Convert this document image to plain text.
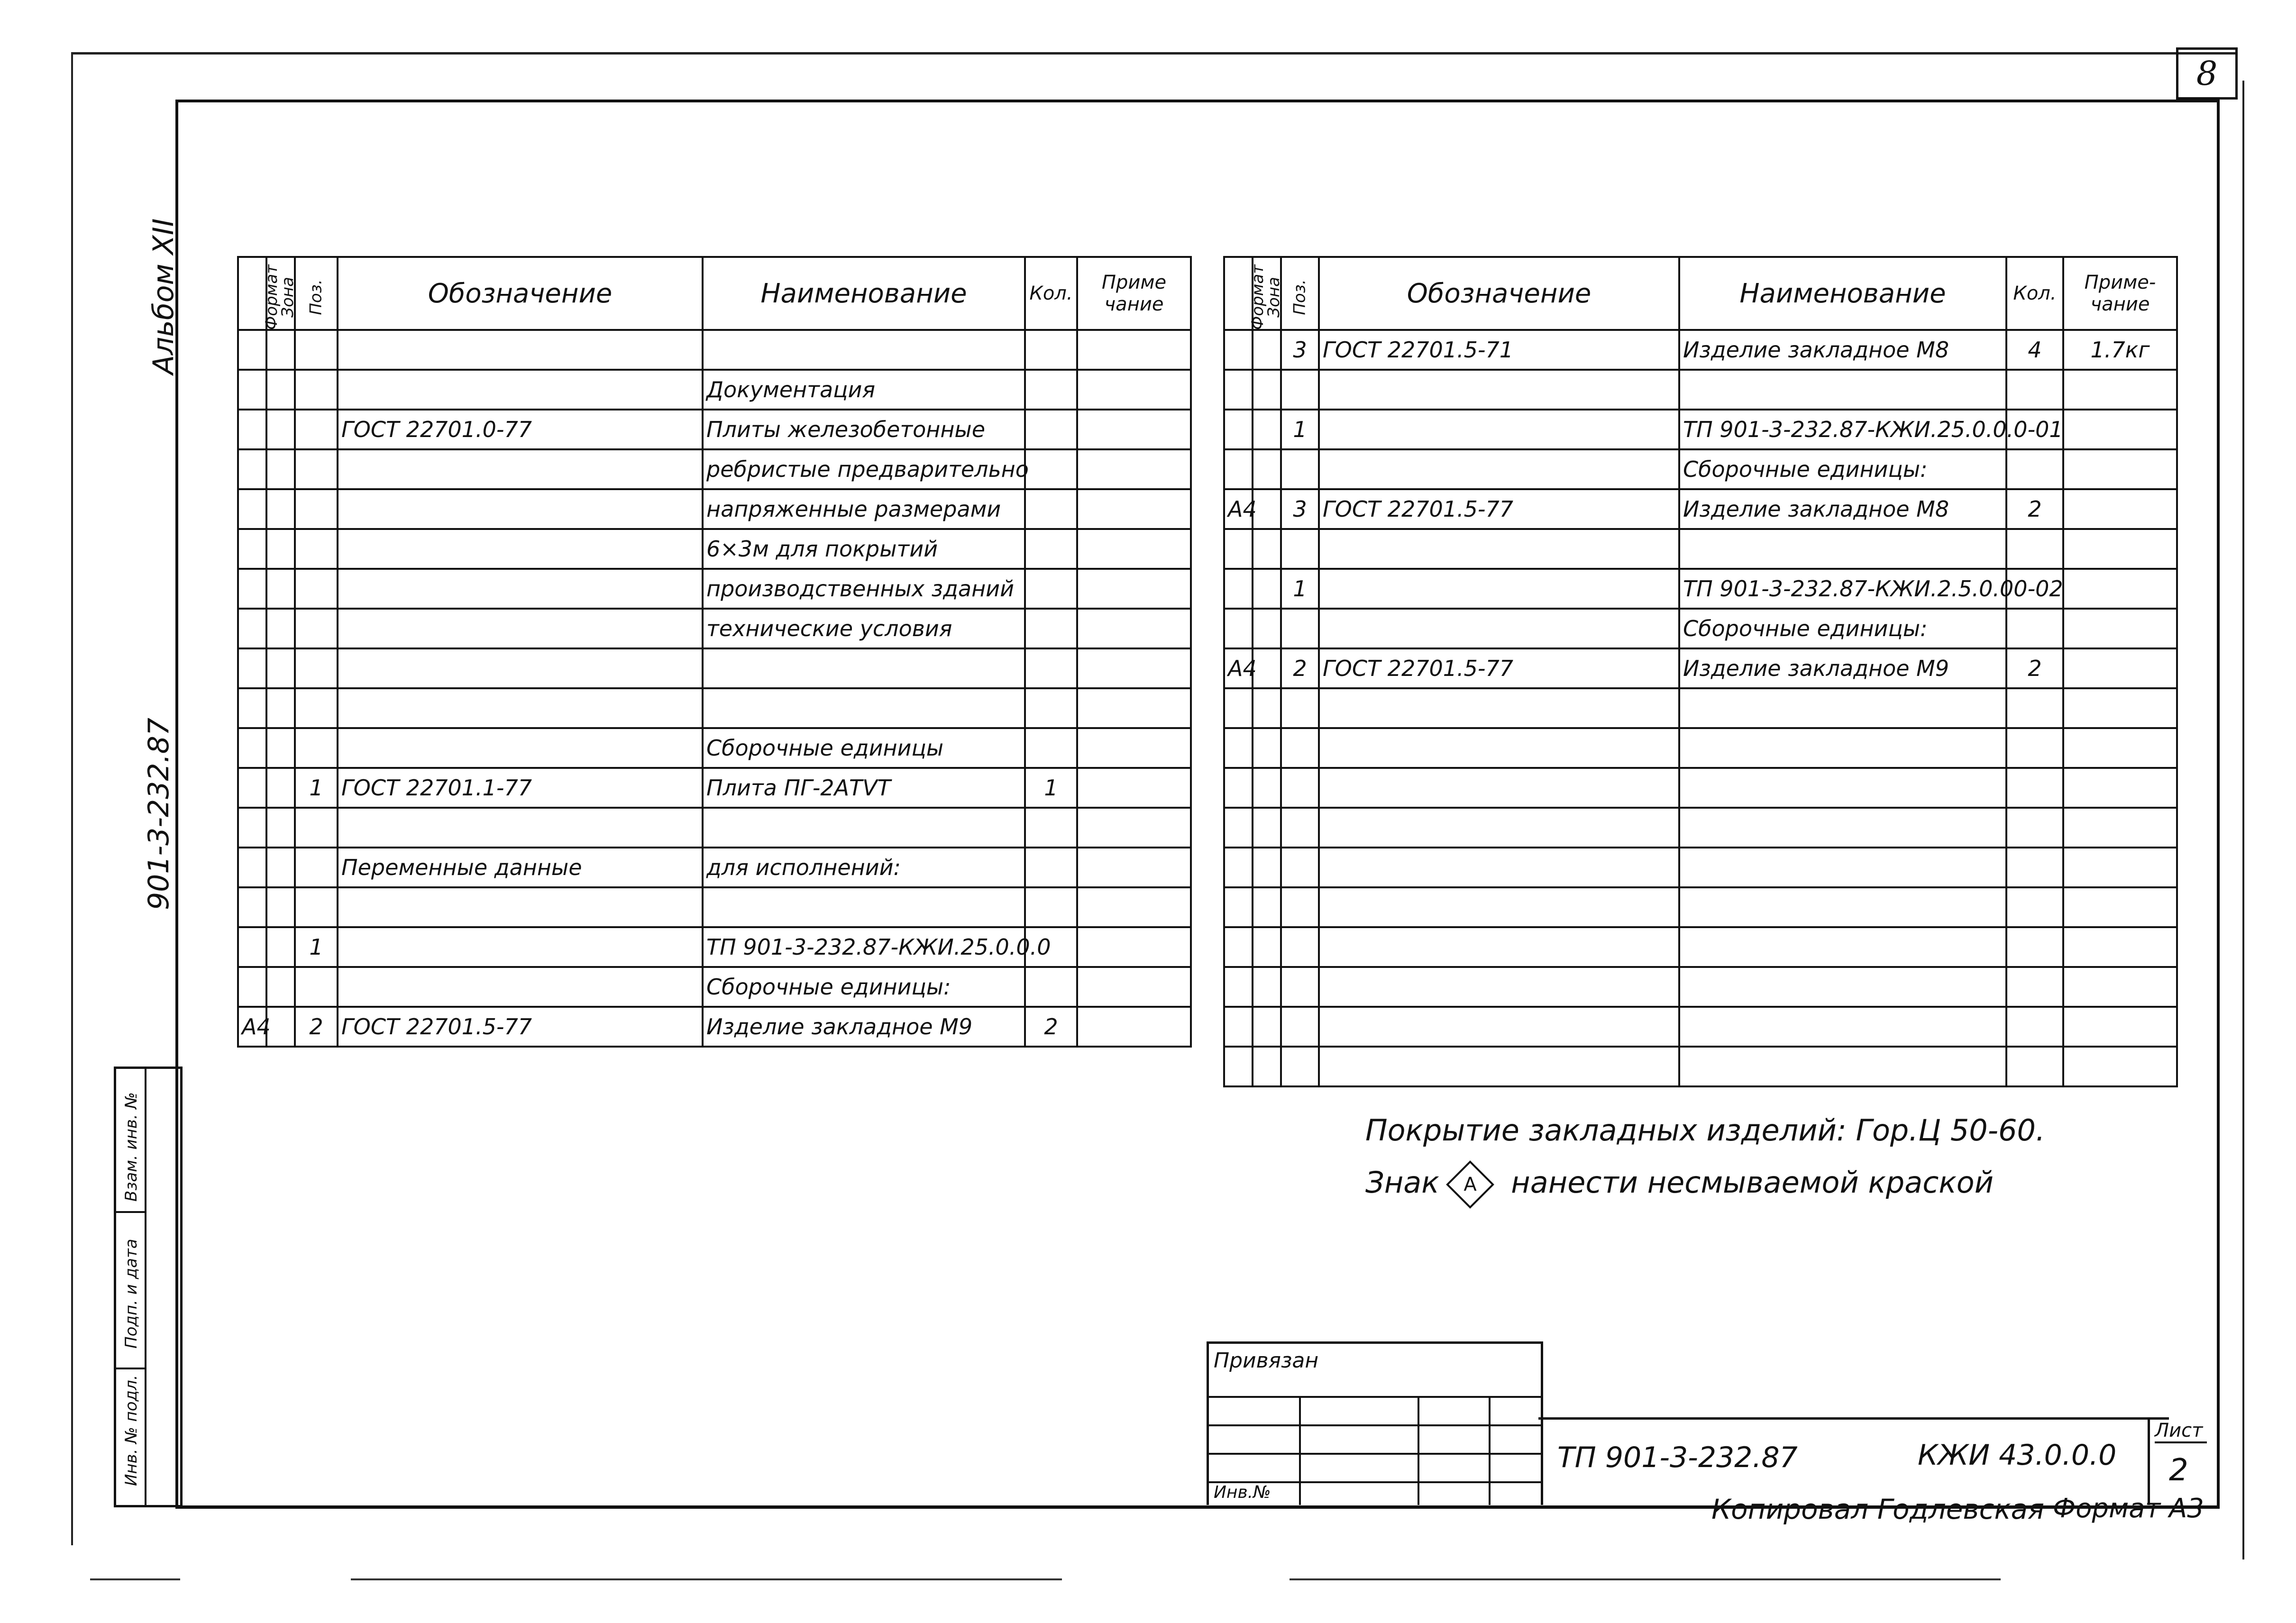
8
Альбом XII
901-3-232.87
Инв. № подл.
Подп. и дата
Взам. инв. №
Формат	Зона	Поз.	Обозначение	Наименование	Кол.	Приме
чание

				Документация		
			ГОСТ 22701.0-77	Плиты железобетонные		
				ребристые предварительно		
				напряженные размерами		
				6×3м для покрытий		
				производственных зданий		
				технические условия		

				Сборочные единицы		
		1	ГОСТ 22701.1-77	Плита ПГ-2АТVТ	1	

			Переменные данные	для исполнений:		

		1		ТП 901-3-232.87-КЖИ.25.0.0.0		
				Сборочные единицы:		
А4		2	ГОСТ 22701.5-77	Изделие закладное М9	2	
Формат	Зона	Поз.	Обозначение	Наименование	Кол.	Приме-
чание
		3	ГОСТ 22701.5-71	Изделие закладное М8	4	1.7кг

		1		ТП 901-3-232.87-КЖИ.25.0.0.0-01		
				Сборочные единицы:		
А4		3	ГОСТ 22701.5-77	Изделие закладное М8	2	

		1		ТП 901-3-232.87-КЖИ.2.5.0.00-02		
				Сборочные единицы:		
А4		2	ГОСТ 22701.5-77	Изделие закладное М9	2	

Покрытие закладных изделий: Гор.Ц 50-60.
Знак	A нанести несмываемой краской
Привязан
Инв.№
ТП 901-3-232.87	КЖИ 43.0.0.0
Лист
2
Копировал Годлевская Формат А3
